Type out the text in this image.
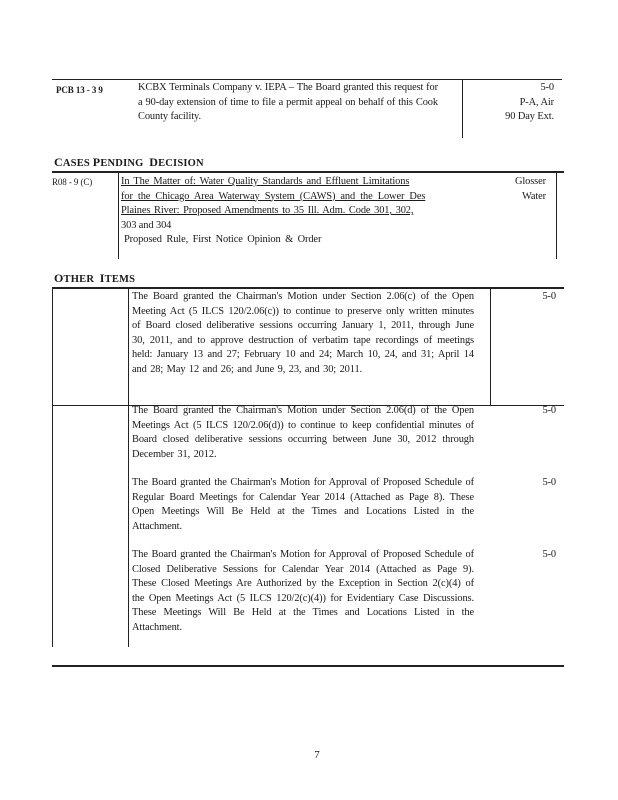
PCB 13 - 3 9	KCBX Terminals Company v. IEPA – The Board granted this request for a 90-day extension of time to file a permit appeal on behalf of this Cook County facility.
5-0
P-A, Air
90 Day Ext.
CASES PENDING DECISION
R08 - 9 (C)	In The Matter of: Water Quality Standards and Effluent Limitations
for the Chicago Area Waterway System (CAWS) and the Lower Des
Plaines River: Proposed Amendments to 35 Ill. Adm. Code 301, 302,
303 and 304
Proposed Rule, First Notice Opinion & Order
Glosser
Water
OTHER ITEMS
The Board granted the Chairman's Motion under Section 2.06(c) of the Open Meeting Act (5 ILCS 120/2.06(c)) to continue to preserve only written minutes of Board closed deliberative sessions occurring January 1, 2011, through June 30, 2011, and to approve destruction of verbatim tape recordings of meetings held: January 13 and 27; February 10 and 24; March 10, 24, and 31; April 14 and 28; May 12 and 26; and June 9, 23, and 30; 2011.
5-0
The Board granted the Chairman's Motion under Section 2.06(d) of the Open Meetings Act (5 ILCS 120/2.06(d)) to continue to keep confidential minutes of Board closed deliberative sessions occurring between June 30, 2012 through December 31, 2012.
5-0
The Board granted the Chairman's Motion for Approval of Proposed Schedule of Regular Board Meetings for Calendar Year 2014 (Attached as Page 8). These Open Meetings Will Be Held at the Times and Locations Listed in the Attachment.
5-0
The Board granted the Chairman's Motion for Approval of Proposed Schedule of Closed Deliberative Sessions for Calendar Year 2014 (Attached as Page 9). These Closed Meetings Are Authorized by the Exception in Section 2(c)(4) of the Open Meetings Act (5 ILCS 120/2(c)(4)) for Evidentiary Case Discussions. These Meetings Will Be Held at the Times and Locations Listed in the Attachment.
5-0
7
